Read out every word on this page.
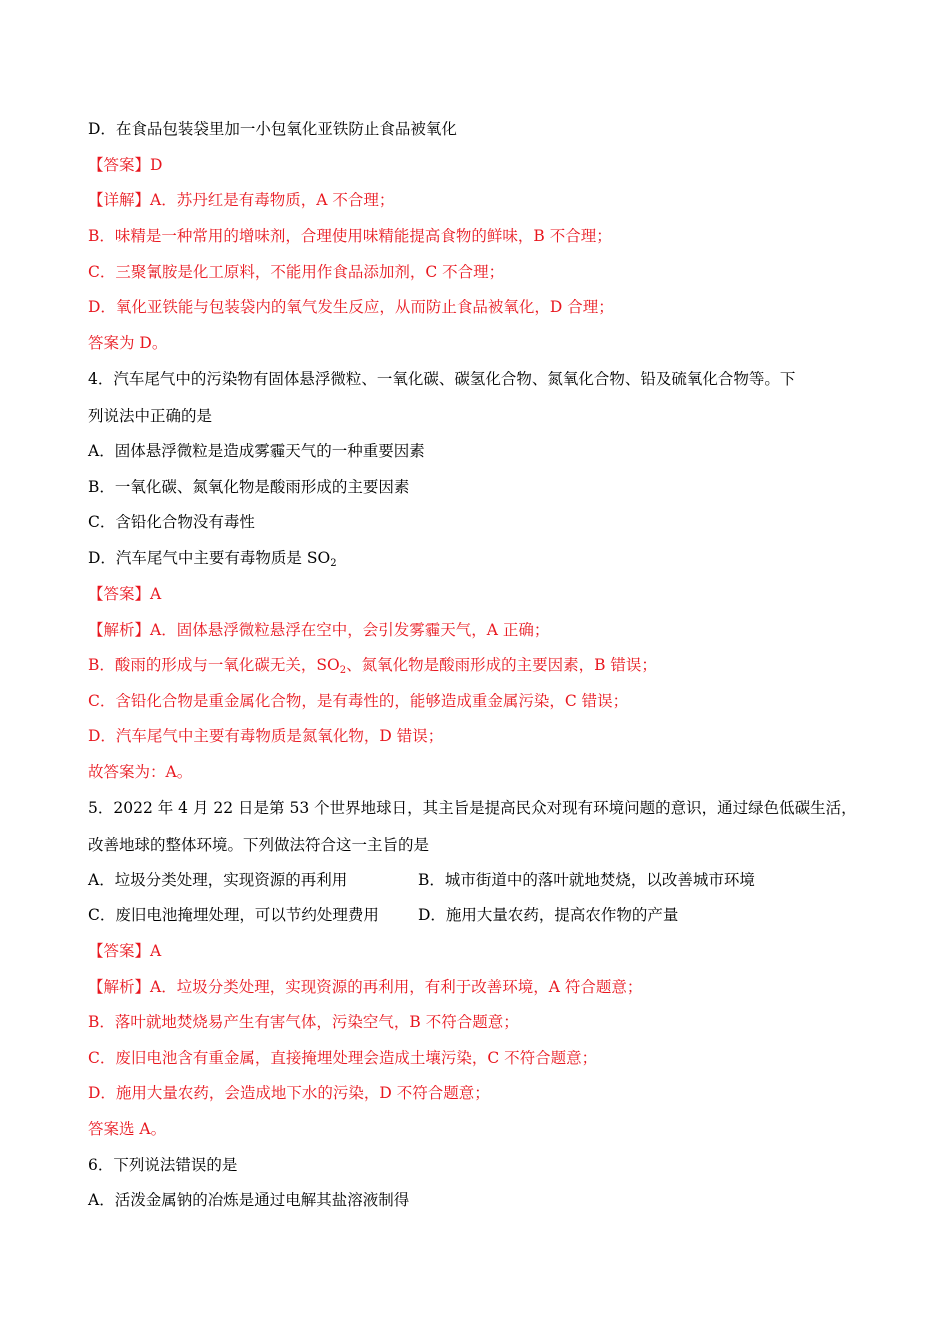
D．在食品包装袋里加一小包氧化亚铁防止食品被氧化
【答案】D
【详解】A．苏丹红是有毒物质，A 不合理；
B．味精是一种常用的增味剂，合理使用味精能提高食物的鲜味，B 不合理；
C．三聚氰胺是化工原料，不能用作食品添加剂，C 不合理；
D．氧化亚铁能与包装袋内的氧气发生反应，从而防止食品被氧化，D 合理；
答案为 D。
4．汽车尾气中的污染物有固体悬浮微粒、一氧化碳、碳氢化合物、氮氧化合物、铅及硫氧化合物等。下
列说法中正确的是
A．固体悬浮微粒是造成雾霾天气的一种重要因素
B．一氧化碳、氮氧化物是酸雨形成的主要因素
C．含铅化合物没有毒性
D．汽车尾气中主要有毒物质是 $SO_2$
【答案】A
【解析】A．固体悬浮微粒悬浮在空中，会引发雾霾天气，A 正确；
B．酸雨的形成与一氧化碳无关，$SO_2$、氮氧化物是酸雨形成的主要因素，B 错误；
C．含铅化合物是重金属化合物，是有毒性的，能够造成重金属污染，C 错误；
D．汽车尾气中主要有毒物质是氮氧化物，D 错误；
故答案为：A。
5．2022 年 4 月 22 日是第 53 个世界地球日，其主旨是提高民众对现有环境问题的意识，通过绿色低碳生活，
改善地球的整体环境。下列做法符合这一主旨的是
A．垃圾分类处理，实现资源的再利用	B．城市街道中的落叶就地焚烧，以改善城市环境
C．废旧电池掩埋处理，可以节约处理费用	D．施用大量农药，提高农作物的产量
【答案】A
【解析】A．垃圾分类处理，实现资源的再利用，有利于改善环境，A 符合题意；
B．落叶就地焚烧易产生有害气体，污染空气，B 不符合题意；
C．废旧电池含有重金属，直接掩埋处理会造成土壤污染，C 不符合题意；
D．施用大量农药，会造成地下水的污染，D 不符合题意；
答案选 A。
6．下列说法错误的是
A．活泼金属钠的冶炼是通过电解其盐溶液制得
